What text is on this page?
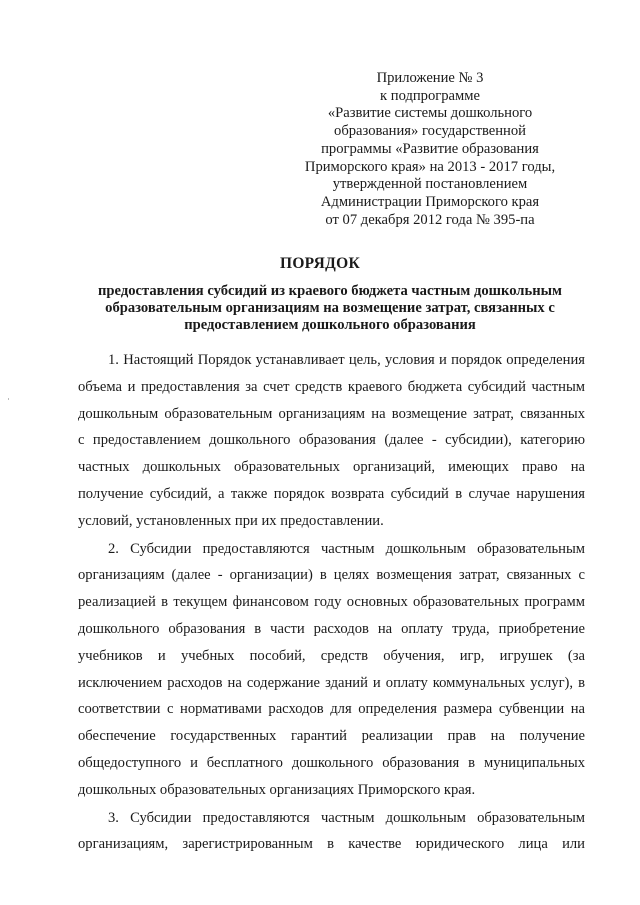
Приложение № 3
к подпрограмме
«Развитие системы дошкольного
образования» государственной
программы «Развитие образования
Приморского края» на 2013 - 2017 годы,
утвержденной постановлением
Администрации Приморского края
от 07 декабря 2012 года № 395-па
ПОРЯДОК
предоставления субсидий из краевого бюджета частным дошкольным
образовательным организациям на возмещение затрат, связанных с
предоставлением дошкольного образования
1. Настоящий Порядок устанавливает цель, условия и порядок определения
объема и предоставления за счет средств краевого бюджета субсидий частным
дошкольным образовательным организациям на возмещение затрат, связанных
с предоставлением дошкольного образования (далее - субсидии), категорию
частных дошкольных образовательных организаций, имеющих право на
получение субсидий, а также порядок возврата субсидий в случае нарушения
условий, установленных при их предоставлении.
2. Субсидии предоставляются частным дошкольным образовательным
организациям (далее - организации) в целях возмещения затрат, связанных с
реализацией в текущем финансовом году основных образовательных программ
дошкольного образования в части расходов на оплату труда, приобретение
учебников и учебных пособий, средств обучения, игр, игрушек (за
исключением расходов на содержание зданий и оплату коммунальных услуг), в
соответствии с нормативами расходов для определения размера субвенции на
обеспечение государственных гарантий реализации прав на получение
общедоступного и бесплатного дошкольного образования в муниципальных
дошкольных образовательных организациях Приморского края.
3. Субсидии предоставляются частным дошкольным образовательным
организациям, зарегистрированным в качестве юридического лица или
